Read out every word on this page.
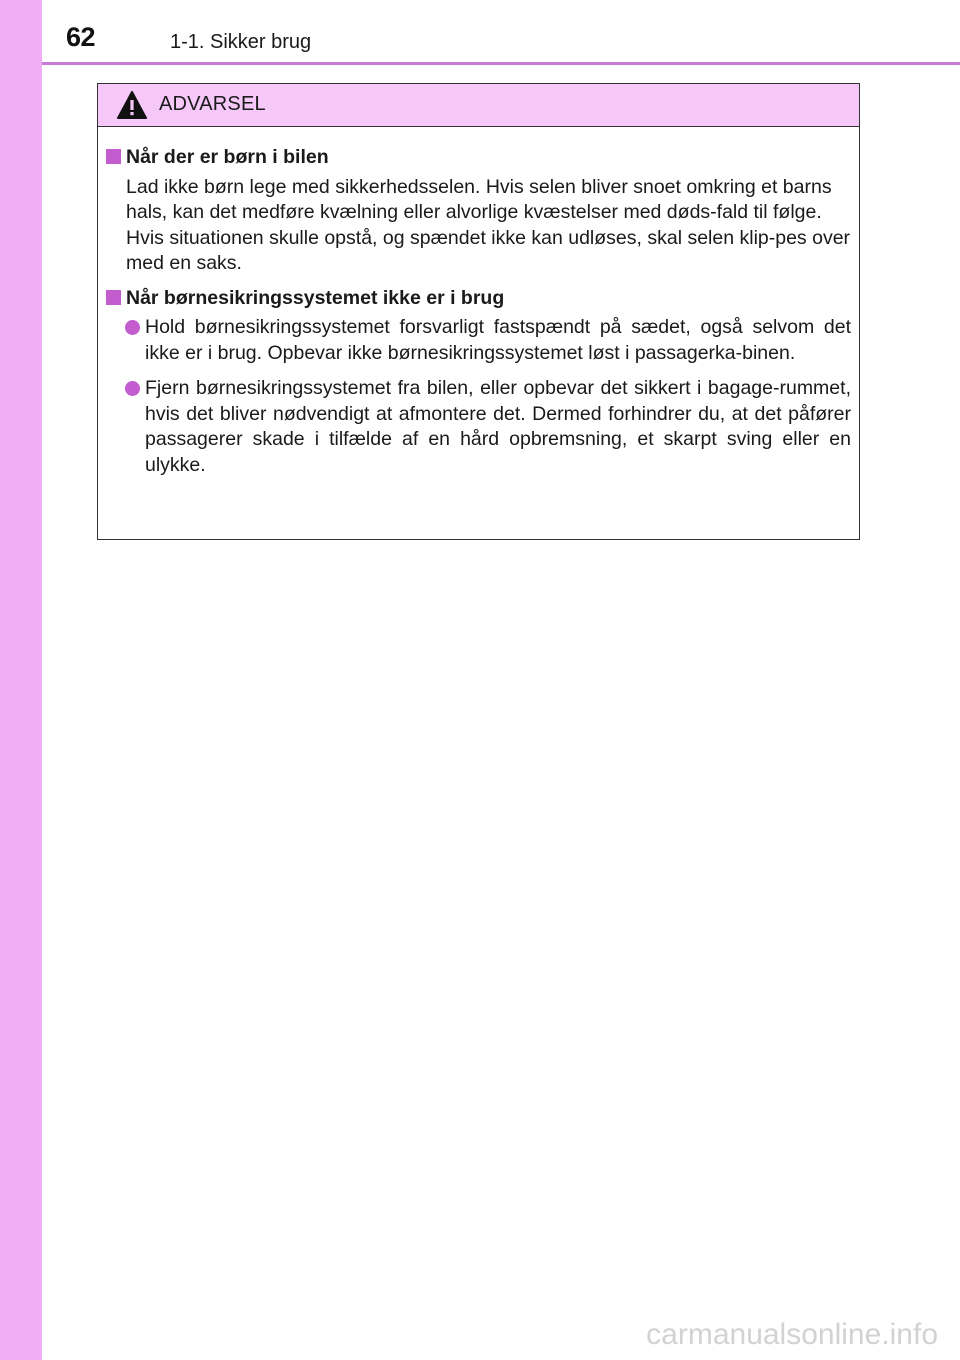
62	1-1. Sikker brug
ADVARSEL
Når der er børn i bilen

Lad ikke børn lege med sikkerhedsselen. Hvis selen bliver snoet omkring et barns hals, kan det medføre kvælning eller alvorlige kvæstelser med døds-fald til følge.

Hvis situationen skulle opstå, og spændet ikke kan udløses, skal selen klip-pes over med en saks.

Når børnesikringssystemet ikke er i brug
Hold børnesikringssystemet forsvarligt fastspændt på sædet, også selvom det ikke er i brug. Opbevar ikke børnesikringssystemet løst i passagerka-binen.
Fjern børnesikringssystemet fra bilen, eller opbevar det sikkert i bagage-rummet, hvis det bliver nødvendigt at afmontere det. Dermed forhindrer du, at det påfører passagerer skade i tilfælde af en hård opbremsning, et skarpt sving eller en ulykke.
carmanualsonline.info
